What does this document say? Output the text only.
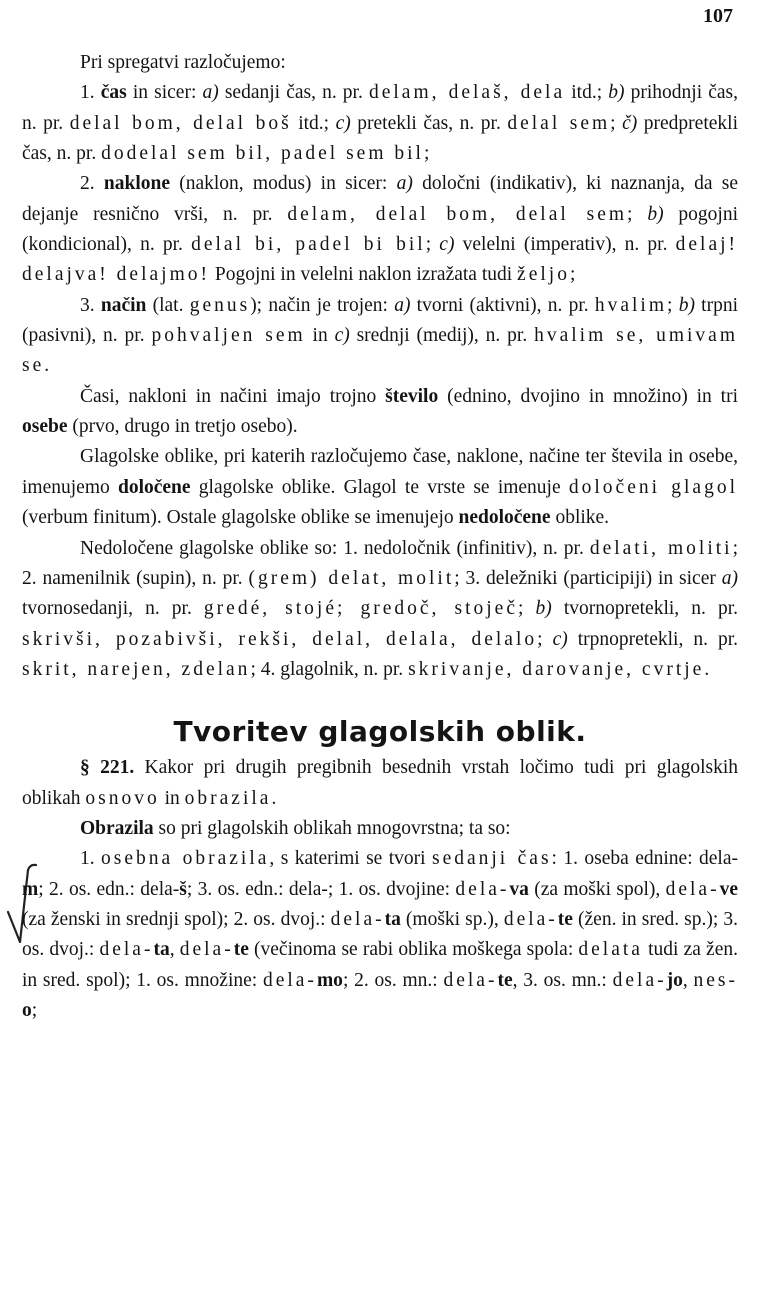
107

Pri spregatvi razločujemo:

1. čas in sicer: a) sedanji čas, n. pr. delam, delaš, dela itd.; b) prihodnji čas, n. pr. delal bom, delal boš itd.; c) pretekli čas, n. pr. delal sem; č) predpretekli čas, n. pr. dodelal sem bil, padel sem bil;

2. naklone (naklon, modus) in sicer: a) določni (indikativ), ki naznanja, da se dejanje resnično vrši, n. pr. delam, delal bom, delal sem; b) pogojni (kondicional), n. pr. delal bi, padel bi bil; c) velelni (imperativ), n. pr. delaj! delajva! delajmo! Pogojni in velelni naklon izražata tudi željo;

3. način (lat. genus); način je trojen: a) tvorni (aktivni), n. pr. hvalim; b) trpni (pasivni), n. pr. pohvaljen sem in c) srednji (medij), n. pr. hvalim se, umivam se.

Časi, nakloni in načini imajo trojno število (ednino, dvojino in množino) in tri osebe (prvo, drugo in tretjo osebo).

Glagolske oblike, pri katerih razločujemo čase, naklone, načine ter števila in osebe, imenujemo določene glagolske oblike. Glagol te vrste se imenuje določeni glagol (verbum finitum). Ostale glagolske oblike se imenujejo nedoločene oblike.

Nedoločene glagolske oblike so: 1. nedoločnik (infinitiv), n. pr. delati, moliti; 2. namenilnik (supin), n. pr. (grem) delat, molit; 3. deležniki (participiji) in sicer a) tvornosedanji, n. pr. gredé, stojé; gredoč, stoječ; b) tvornopretekli, n. pr. skrivši, pozabivši, rekši, delal, delala, delalo; c) trpnopretekli, n. pr. skrit, narejen, zdelan; 4. glagolnik, n. pr. skrivanje, darovanje, cvrtje.

Tvoritev glagolskih oblik.

§ 221. Kakor pri drugih pregibnih besednih vrstah ločimo tudi pri glagolskih oblikah osnovo in obrazila.

Obrazila so pri glagolskih oblikah mnogovrstna; ta so:

1. osebna obrazila, s katerimi se tvori sedanji čas: 1. oseba ednine: dela-m; 2. os. edn.: dela-š; 3. os. edn.: dela-; 1. os. dvojine: dela-va (za moški spol), dela-ve (za ženski in srednji spol); 2. os. dvoj.: dela-ta (moški sp.), dela-te (žen. in sred. sp.); 3. os. dvoj.: dela-ta, dela-te (večinoma se rabi oblika moškega spola: delata tudi za žen. in sred. spol); 1. os. množine: dela-mo; 2. os. mn.: dela-te, 3. os. mn.: dela-jo, nes-o;
